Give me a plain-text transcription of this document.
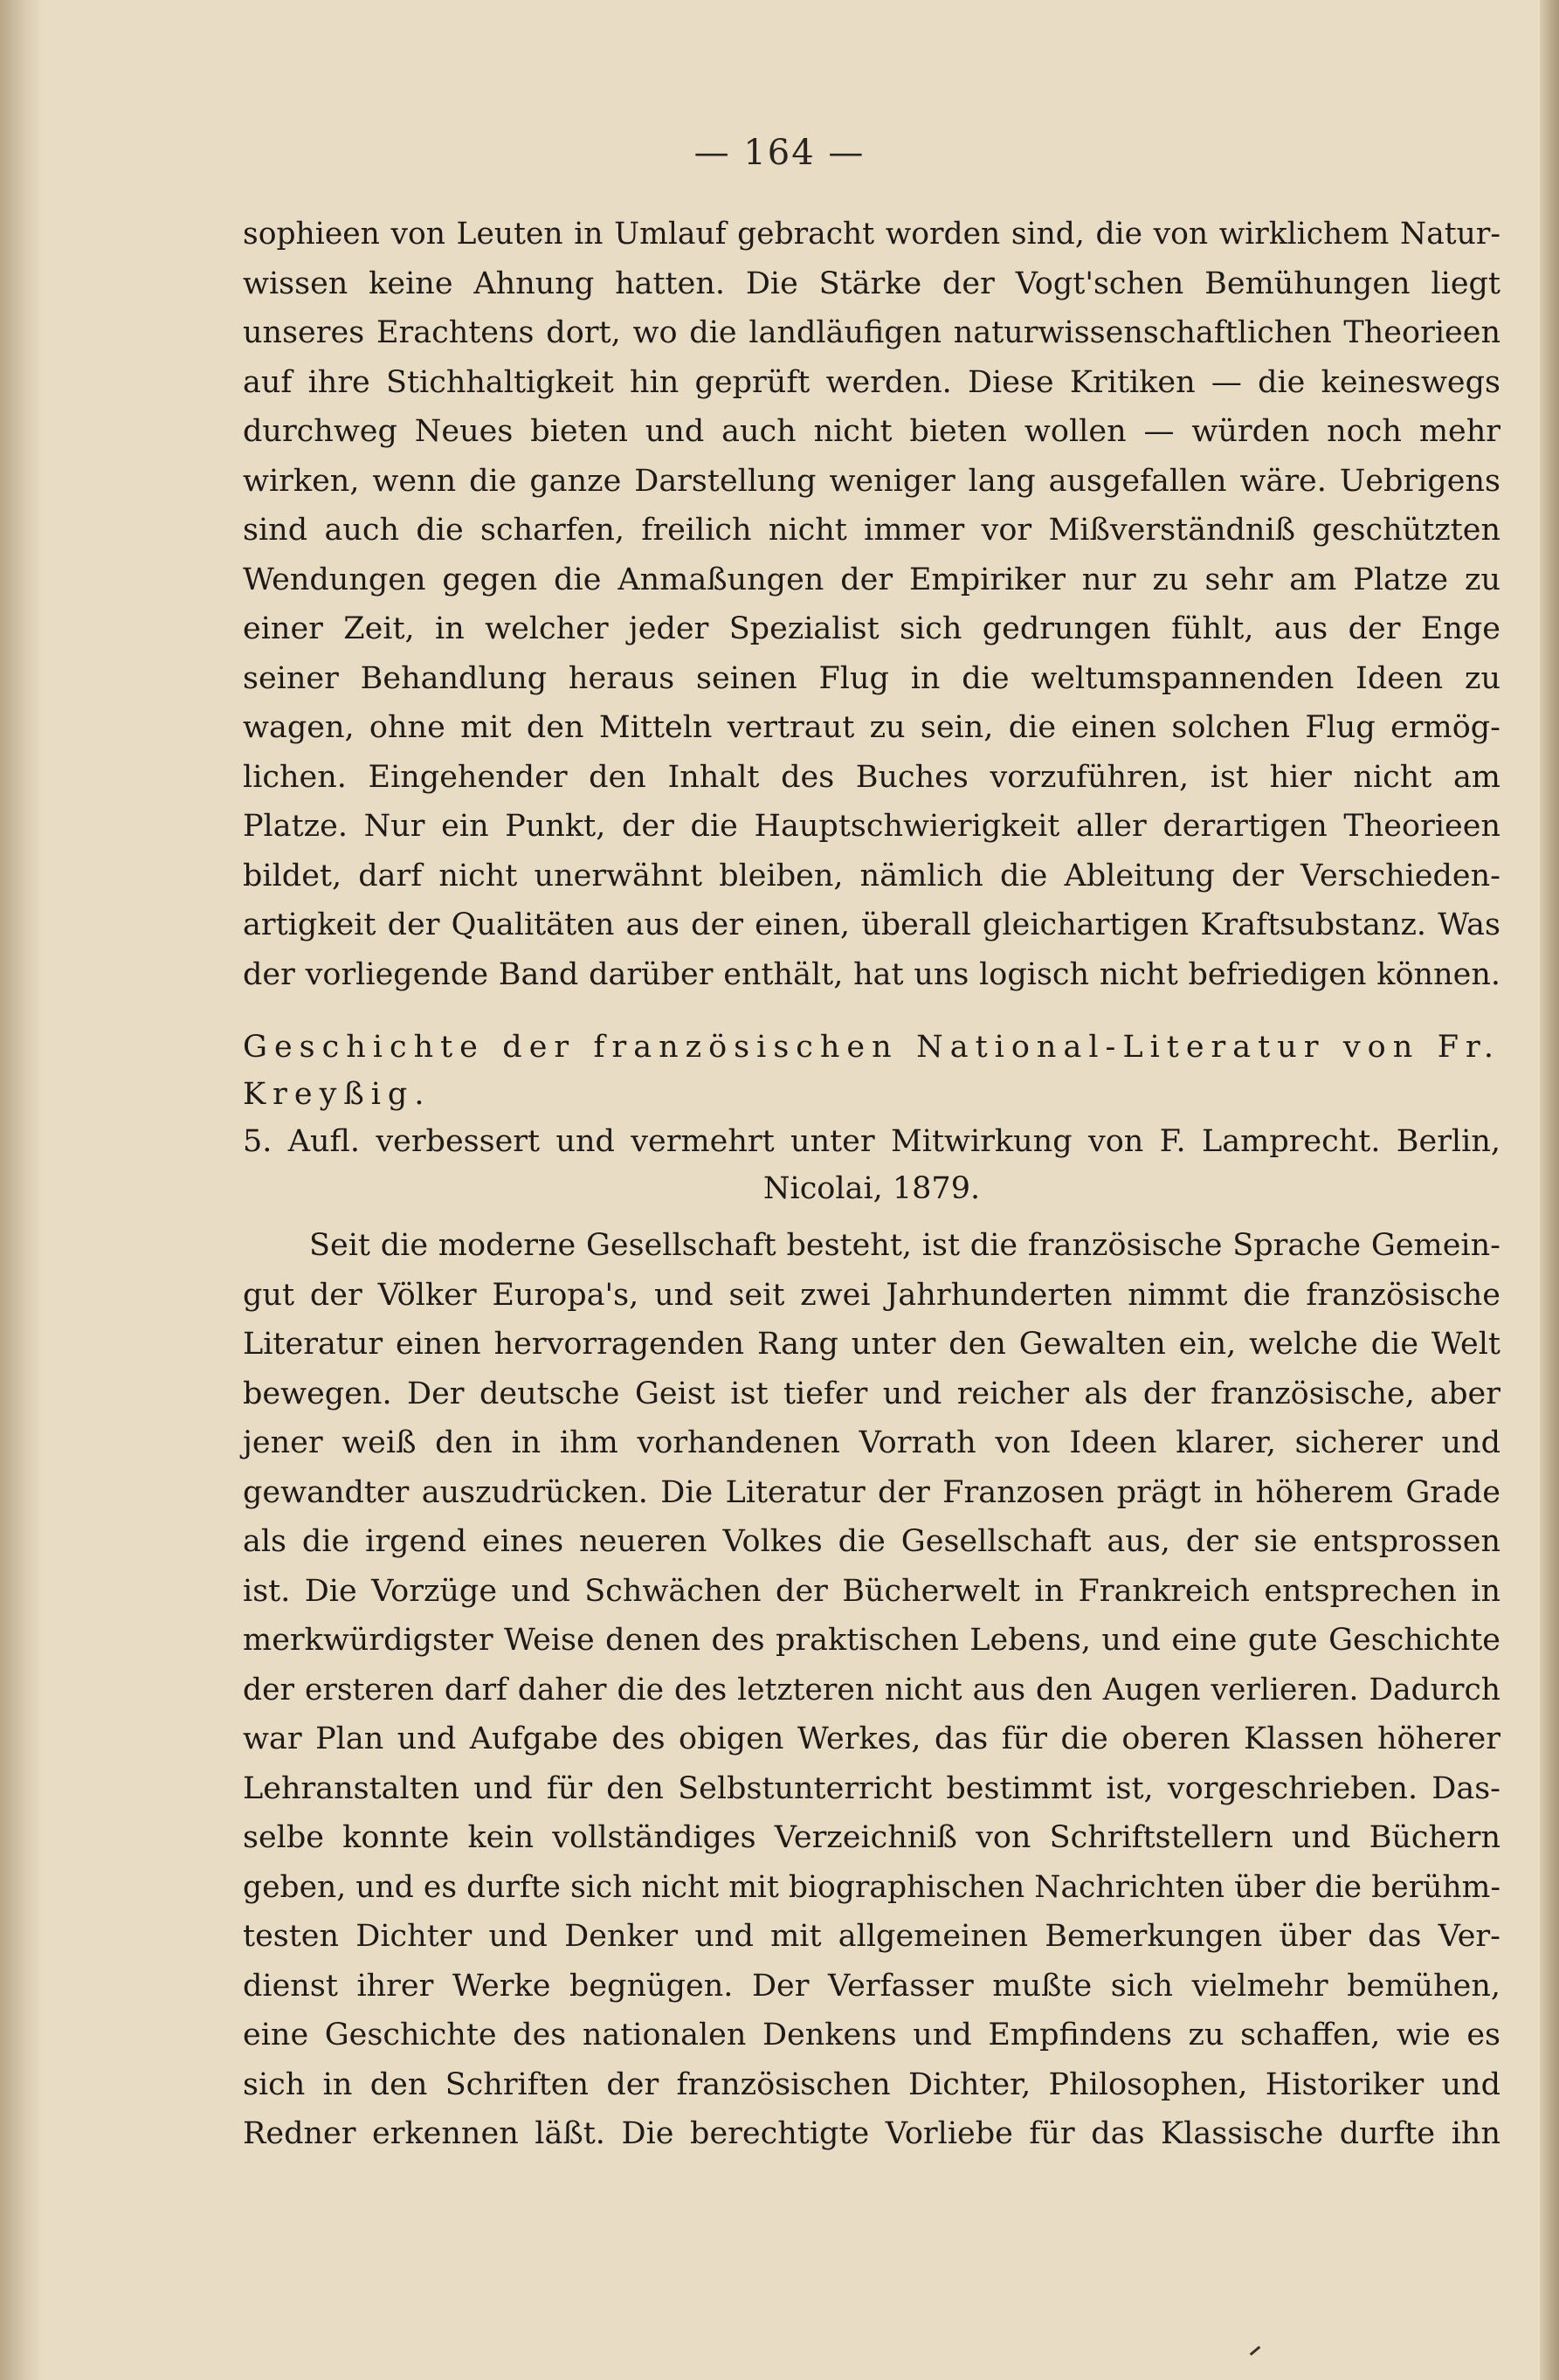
— 164 —
sophieen von Leuten in Umlauf gebracht worden sind, die von wirklichem Natur-
wissen keine Ahnung hatten. Die Stärke der Vogt'schen Bemühungen liegt
unseres Erachtens dort, wo die landläufigen naturwissenschaftlichen Theorieen
auf ihre Stichhaltigkeit hin geprüft werden. Diese Kritiken — die keineswegs
durchweg Neues bieten und auch nicht bieten wollen — würden noch mehr
wirken, wenn die ganze Darstellung weniger lang ausgefallen wäre. Uebrigens
sind auch die scharfen, freilich nicht immer vor Mißverständniß geschützten
Wendungen gegen die Anmaßungen der Empiriker nur zu sehr am Platze zu
einer Zeit, in welcher jeder Spezialist sich gedrungen fühlt, aus der Enge
seiner Behandlung heraus seinen Flug in die weltumspannenden Ideen zu
wagen, ohne mit den Mitteln vertraut zu sein, die einen solchen Flug ermög-
lichen. Eingehender den Inhalt des Buches vorzuführen, ist hier nicht am
Platze. Nur ein Punkt, der die Hauptschwierigkeit aller derartigen Theorieen
bildet, darf nicht unerwähnt bleiben, nämlich die Ableitung der Verschieden-
artigkeit der Qualitäten aus der einen, überall gleichartigen Kraftsubstanz. Was
der vorliegende Band darüber enthält, hat uns logisch nicht befriedigen können.
Geschichte der französischen National-Literatur von Fr. Kreyßig.
5. Aufl. verbessert und vermehrt unter Mitwirkung von F. Lamprecht. Berlin,
Nicolai, 1879.
Seit die moderne Gesellschaft besteht, ist die französische Sprache Gemein-
gut der Völker Europa's, und seit zwei Jahrhunderten nimmt die französische
Literatur einen hervorragenden Rang unter den Gewalten ein, welche die Welt
bewegen. Der deutsche Geist ist tiefer und reicher als der französische, aber
jener weiß den in ihm vorhandenen Vorrath von Ideen klarer, sicherer und
gewandter auszudrücken. Die Literatur der Franzosen prägt in höherem Grade
als die irgend eines neueren Volkes die Gesellschaft aus, der sie entsprossen
ist. Die Vorzüge und Schwächen der Bücherwelt in Frankreich entsprechen in
merkwürdigster Weise denen des praktischen Lebens, und eine gute Geschichte
der ersteren darf daher die des letzteren nicht aus den Augen verlieren. Dadurch
war Plan und Aufgabe des obigen Werkes, das für die oberen Klassen höherer
Lehranstalten und für den Selbstunterricht bestimmt ist, vorgeschrieben. Das-
selbe konnte kein vollständiges Verzeichniß von Schriftstellern und Büchern
geben, und es durfte sich nicht mit biographischen Nachrichten über die berühm-
testen Dichter und Denker und mit allgemeinen Bemerkungen über das Ver-
dienst ihrer Werke begnügen. Der Verfasser mußte sich vielmehr bemühen,
eine Geschichte des nationalen Denkens und Empfindens zu schaffen, wie es
sich in den Schriften der französischen Dichter, Philosophen, Historiker und
Redner erkennen läßt. Die berechtigte Vorliebe für das Klassische durfte ihn
